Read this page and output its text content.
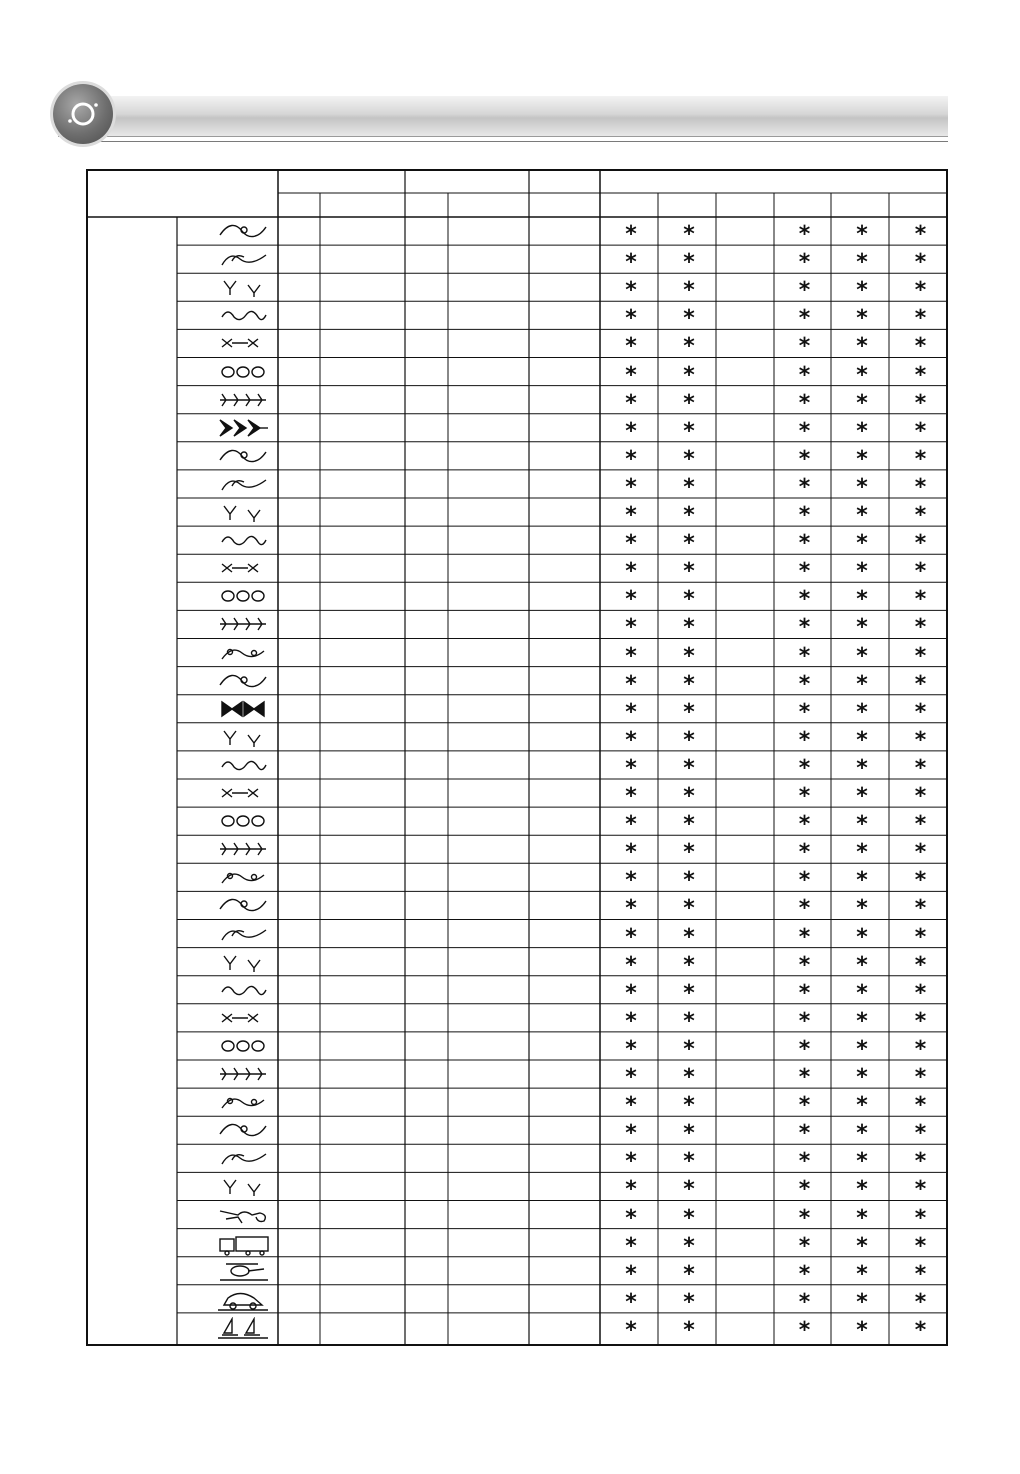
* *	* * *
* *	* * *
* *	* * *
* *	* * *
* *	* * *
* *	* * *
* *	* * *
* *	* * *
* *	* * *
* *	* * *
* *	* * *
* *	* * *
* *	* * *
* *	* * *
* *	* * *
* *	* * *
* *	* * *
* *	* * *
* *	* * *
* *	* * *
* *	* * *
* *	* * *
* *	* * *
* *	* * *
* *	* * *
* *	* * *
* *	* * *
* *	* * *
* *	* * *
* *	* * *
* *	* * *
* *	* * *
* *	* * *
* *	* * *
* *	* * *
* *	* * *
* *	* * *
* *	* * *
* *	* * *
* *	* * *
